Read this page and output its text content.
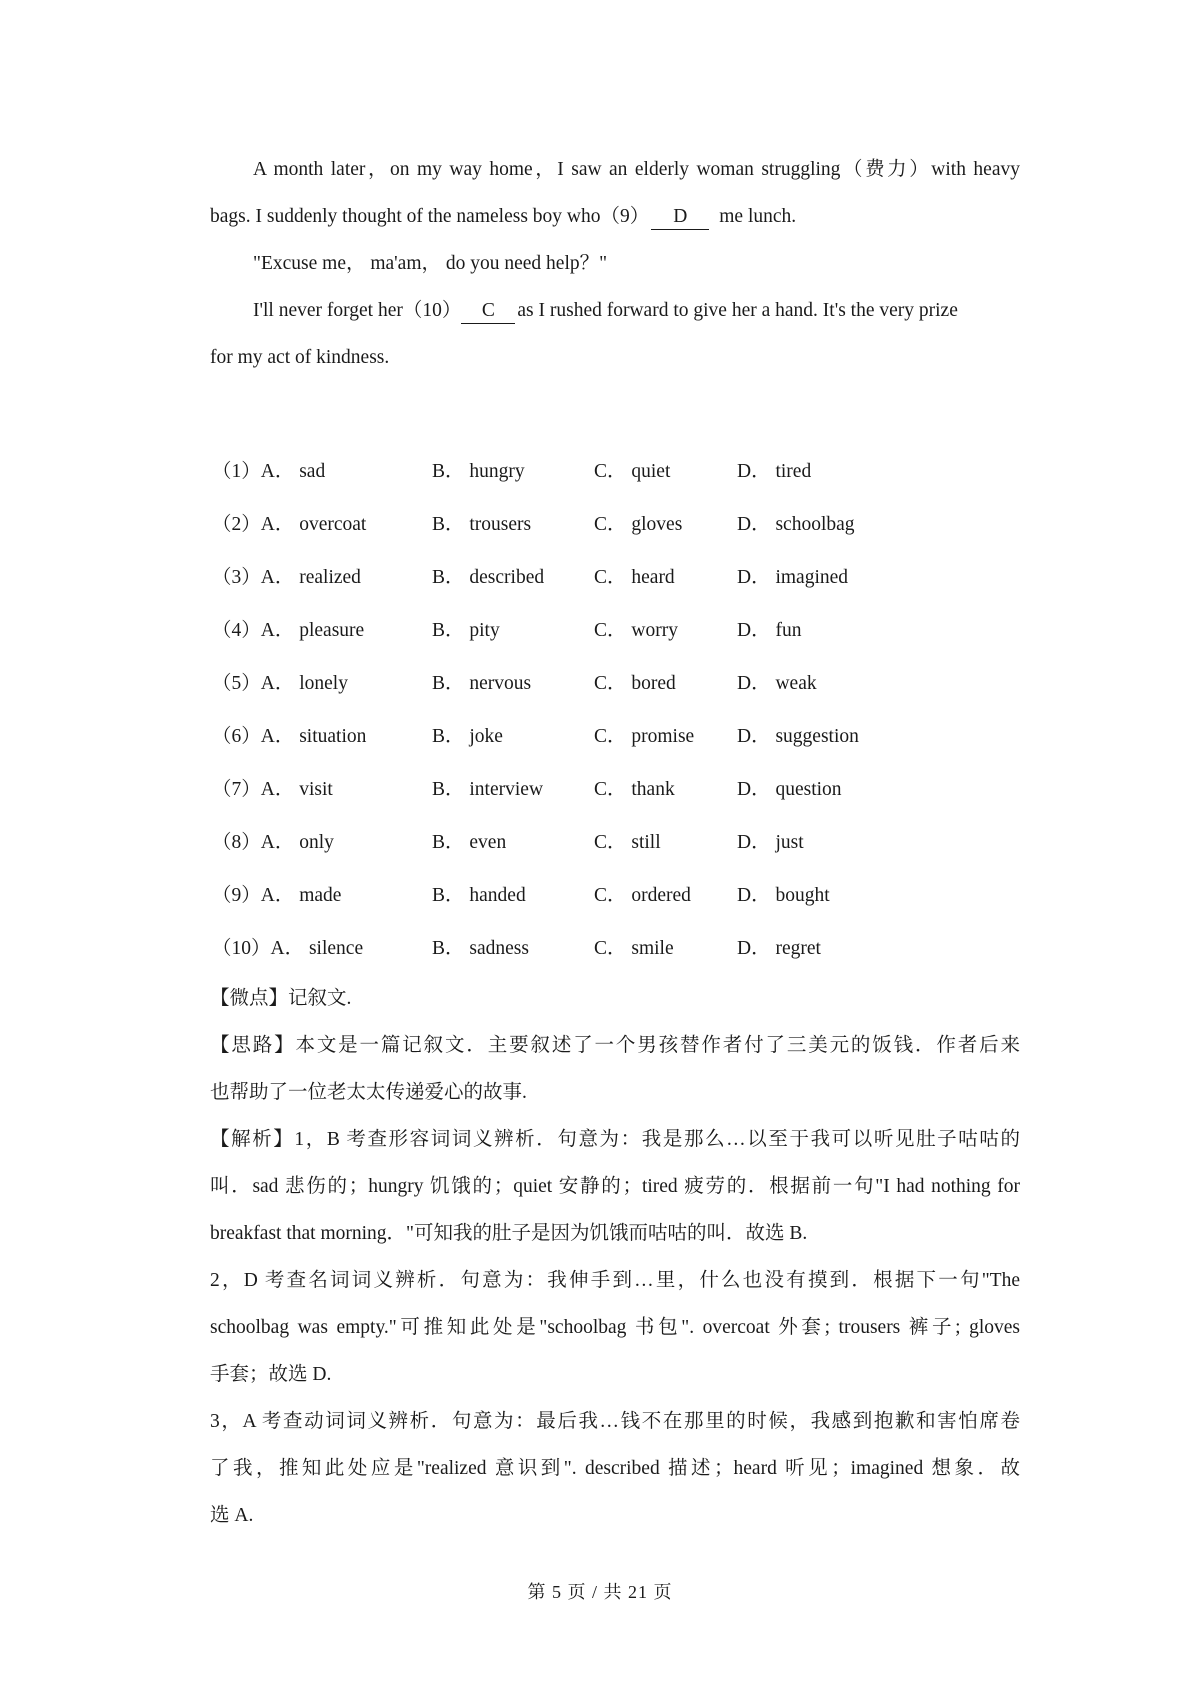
A month later，on my way home，I saw an elderly woman struggling（费力）with heavy
bags. I suddenly thought of the nameless boy who（9） D me lunch.
"Excuse me， ma'am， do you need help？"
I'll never forget her（10） C as I rushed forward to give her a hand. It's the very prize
for my act of kindness.
（1）A． sad	B． hungry	C． quiet	D． tired
（2）A． overcoat	B． trousers	C． gloves	D． schoolbag
（3）A． realized	B． described	C． heard	D． imagined
（4）A． pleasure	B． pity	C． worry	D． fun
（5）A． lonely	B． nervous	C． bored	D． weak
（6）A． situation	B． joke	C． promise D． suggestion
（7）A． visit	B． interview	C． thank	D． question
（8）A． only	B． even	C． still	D． just
（9）A． made	B． handed	C． ordered D． bought
（10）A． silence	B． sadness	C． smile	D． regret
【微点】记叙文.
【思路】本文是一篇记叙文．主要叙述了一个男孩替作者付了三美元的饭钱．作者后来
也帮助了一位老太太传递爱心的故事.
【解析】1，B 考查形容词词义辨析．句意为：我是那么…以至于我可以听见肚子咕咕的
叫．sad 悲伤的；hungry 饥饿的；quiet 安静的；tired 疲劳的．根据前一句"I had nothing for
breakfast that morning．"可知我的肚子是因为饥饿而咕咕的叫．故选 B.
2，D 考查名词词义辨析．句意为：我伸手到…里，什么也没有摸到．根据下一句"The
schoolbag was empty."可推知此处是"schoolbag 书包". overcoat 外套; trousers 裤子; gloves
手套；故选 D.
3，A 考查动词词义辨析．句意为：最后我…钱不在那里的时候，我感到抱歉和害怕席卷
了我，推知此处应是"realized 意识到". described 描述；heard 听见；imagined 想象．故
选 A.
第 5 页 / 共 21 页
